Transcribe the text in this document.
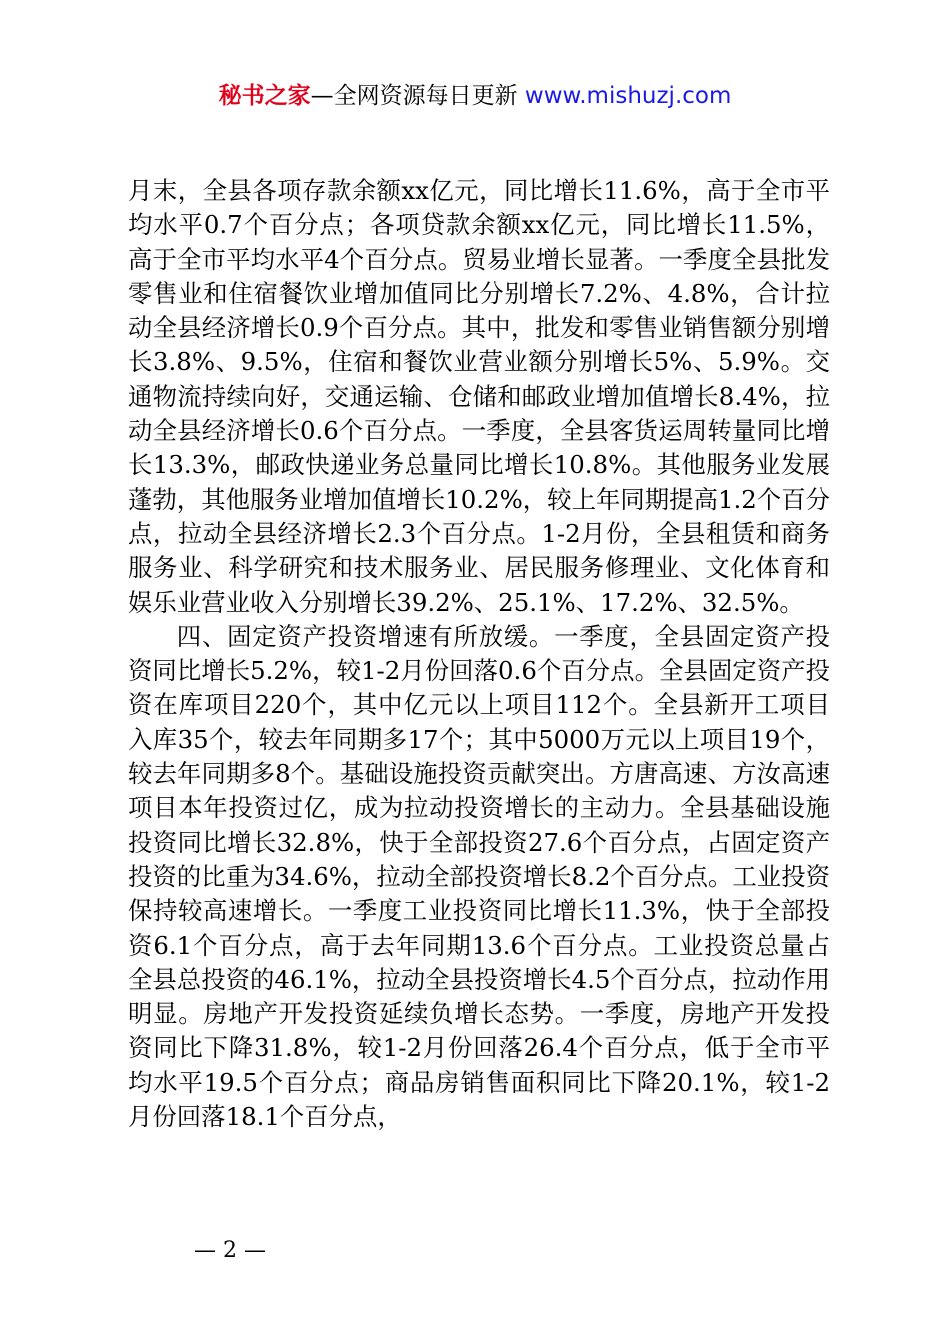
秘书之家—全网资源每日更新 www.mishuzj.com

月末，全县各项存款余额xx亿元，同比增长11.6%，高于全市平均水平0.7个百分点；各项贷款余额xx亿元，同比增长11.5%，高于全市平均水平4个百分点。贸易业增长显著。一季度全县批发零售业和住宿餐饮业增加值同比分别增长7.2%、4.8%，合计拉动全县经济增长0.9个百分点。其中，批发和零售业销售额分别增长3.8%、9.5%，住宿和餐饮业营业额分别增长5%、5.9%。交通物流持续向好，交通运输、仓储和邮政业增加值增长8.4%，拉动全县经济增长0.6个百分点。一季度，全县客货运周转量同比增长13.3%，邮政快递业务总量同比增长10.8%。其他服务业发展蓬勃，其他服务业增加值增长10.2%，较上年同期提高1.2个百分点，拉动全县经济增长2.3个百分点。1-2月份，全县租赁和商务服务业、科学研究和技术服务业、居民服务修理业、文化体育和娱乐业营业收入分别增长39.2%、25.1%、17.2%、32.5%。

四、固定资产投资增速有所放缓。一季度，全县固定资产投资同比增长5.2%，较1-2月份回落0.6个百分点。全县固定资产投资在库项目220个，其中亿元以上项目112个。全县新开工项目入库35个，较去年同期多17个；其中5000万元以上项目19个，较去年同期多8个。基础设施投资贡献突出。方唐高速、方汝高速项目本年投资过亿，成为拉动投资增长的主动力。全县基础设施投资同比增长32.8%，快于全部投资27.6个百分点，占固定资产投资的比重为34.6%，拉动全部投资增长8.2个百分点。工业投资保持较高速增长。一季度工业投资同比增长11.3%，快于全部投资6.1个百分点，高于去年同期13.6个百分点。工业投资总量占全县总投资的46.1%，拉动全县投资增长4.5个百分点，拉动作用明显。房地产开发投资延续负增长态势。一季度，房地产开发投资同比下降31.8%，较1-2月份回落26.4个百分点，低于全市平均水平19.5个百分点；商品房销售面积同比下降20.1%，较1-2月份回落18.1个百分点，

— 2 —
